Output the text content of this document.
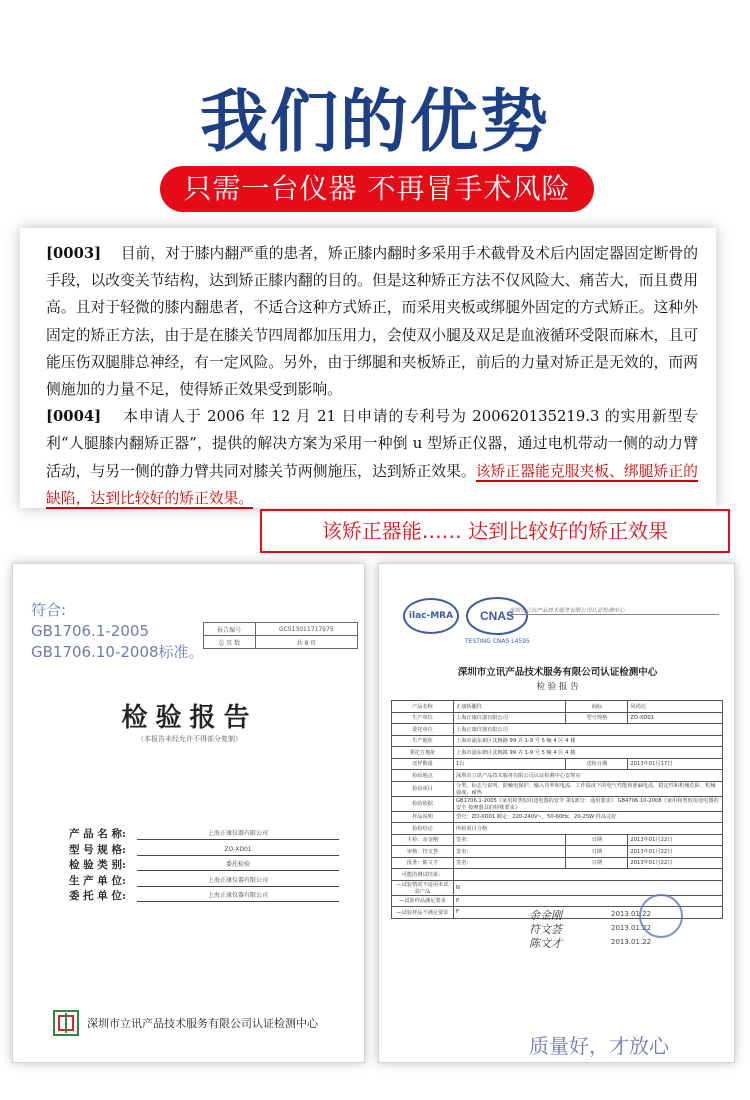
我们的优势
只需一台仪器 不再冒手术风险

[0003]　 目前，对于膝内翻严重的患者，矫正膝内翻时多采用手术截骨及术后内固定器固定断骨的手段，以改变关节结构，达到矫正膝内翻的目的。但是这种矫正方法不仅风险大、痛苦大，而且费用高。且对于轻微的膝内翻患者，不适合这种方式矫正，而采用夹板或绑腿外固定的方式矫正。这种外固定的矫正方法，由于是在膝关节四周都加压用力，会使双小腿及双足是血液循环受限而麻木，且可能压伤双腿腓总神经，有一定风险。另外，由于绑腿和夹板矫正，前后的力量对矫正是无效的，而两侧施加的力量不足，使得矫正效果受到影响。

[0004]　 本申请人于 2006 年 12 月 21 日申请的专利号为 200620135219.3 的实用新型专利“人腿膝内翻矫正器”，提供的解决方案为采用一种倒 u 型矫正仪器，通过电机带动一侧的动力臂活动，与另一侧的静力臂共同对膝关节两侧施压，达到矫正效果。该矫正器能克服夹板、绑腿矫正的缺陷，达到比较好的矫正效果。

该矫正器能…… 达到比较好的矫正效果
符合:
GB1706.1-2005
GB1706.10-2008标准。
报告编号	GCS13011717975
总 页 数	共 8 页
检验报告
（本报告未经允许不得部分复制）
产 品 名 称:	上海正康仪器有限公司
型 号 规 格:	ZO-XD01
检 验 类 别:	委托检验
生 产 单 位:	上海正康仪器有限公司
委 托 单 位:	上海正康仪器有限公司
深圳市立讯产品技术服务有限公司认证检测中心
ilac-MRA	CNAS
TESTING CNAS L4595
深圳市立讯产品技术服务有限公司认证检测中心
深圳市立讯产品技术服务有限公司认证检测中心
检 验 报 告
产品名称	正康矫腿仪	商标	风尚达
生产单位	上海正康仪器有限公司	型号规格	ZO-XD01
委托单位	上海正康仪器有限公司		
生产地址	上海市浦东新区沈梅路 99 弄 1-9 号 5 幢 4 区 4 楼		
委托方地址	上海市浦东新区沈梅路 99 弄 1-9 号 5 幢 4 区 4 楼		
送样数量	1台	送检日期	2013年01月17日
检验地点	深圳市立讯产品技术服务有限公司认证检测中心安规室		
检验项目	分类、标志与说明、防触电保护、输入功率和电流、工作温度下的电气性能和泄漏电流、稳定性和机械危险、机械强度、耐热		
检验依据	GB1706.1-2005《家用和类似用途电器的安全 第1部分：通用要求》 GB4706.10-2008《家用和类似用途电器的安全 按摩器具的特殊要求》		
样品说明	型号：ZO-XD01 额定：220-240V~，50-60Hz，20-25W 样品完好		
检验结论	所检项目合格		
主检：余金刚	签名：	日期	2013年01月22日
审核：符文荟	签名：	日期	2013年01月22日
批准：陈文才	签名：	日期	2013年01月22日
可能的测试结果：			
—试验情况不适用本试验产品	N		
—试验样品满足要求	P		
—试验样品不满足要求	F			余金刚
符文荟
陈文才
2013.01.22
2013.01.22
2013.01.22
质量好，才放心
